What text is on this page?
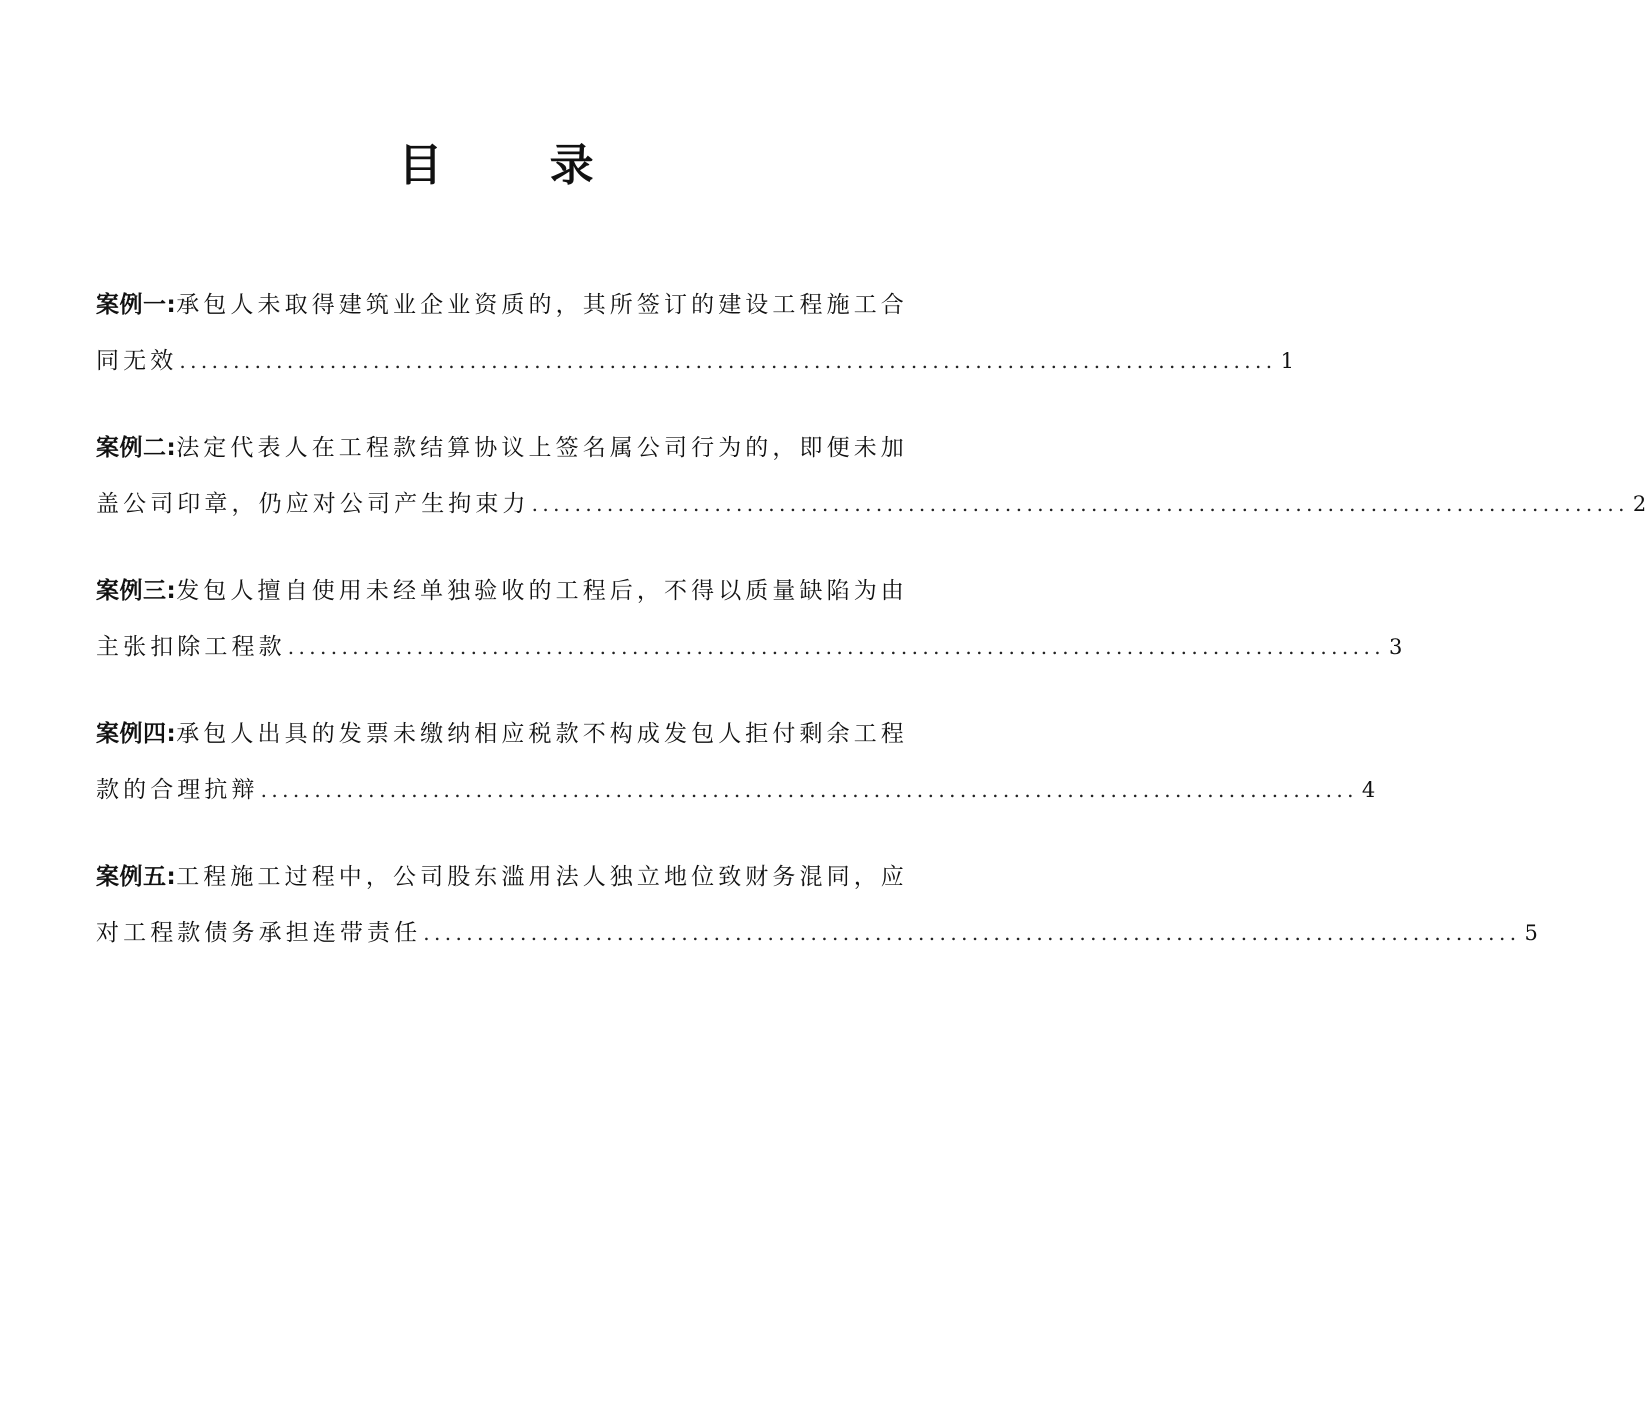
目 录
案例一:承包人未取得建筑业企业资质的，其所签订的建设工程施工合
同无效 ...................................................................................................... 1
案例二:法定代表人在工程款结算协议上签名属公司行为的，即便未加
盖公司印章，仍应对公司产生拘束力 ...................................................................................................... 2
案例三:发包人擅自使用未经单独验收的工程后，不得以质量缺陷为由
主张扣除工程款 ...................................................................................................... 3
案例四:承包人出具的发票未缴纳相应税款不构成发包人拒付剩余工程
款的合理抗辩 ...................................................................................................... 4
案例五:工程施工过程中，公司股东滥用法人独立地位致财务混同，应
对工程款债务承担连带责任 ...................................................................................................... 5
